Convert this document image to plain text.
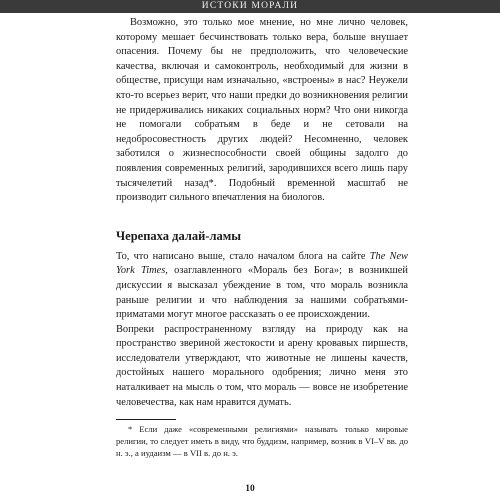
ИСТОКИ МОРАЛИ

Возможно, это только мое мнение, но мне лично человек, которому мешает бесчинствовать только вера, больше внушает опасения. Почему бы не предположить, что человеческие качества, включая и самоконтроль, необходимый для жизни в обществе, присущи нам изначально, «встроены» в нас? Неужели кто-то всерьез верит, что наши предки до возникновения религии не придерживались никаких социальных норм? Что они никогда не помогали собратьям в беде и не сетовали на недобросовестность других людей? Несомненно, человек заботился о жизнеспособности своей общины задолго до появления современных религий, зародившихся всего лишь пару тысячелетий назад*. Подобный временной масштаб не производит сильного впечатления на биологов.

Черепаха далай-ламы

То, что написано выше, стало началом блога на сайте The New York Times, озаглавленного «Мораль без Бога»; в возникшей дискуссии я высказал убеждение в том, что мораль возникла раньше религии и что наблюдения за нашими собратьями-приматами могут многое рассказать о ее происхождении.

Вопреки распространенному взгляду на природу как на пространство звериной жестокости и арену кровавых пиршеств, исследователи утверждают, что животные не лишены качеств, достойных нашего морального одобрения; лично меня это наталкивает на мысль о том, что мораль — вовсе не изобретение человечества, как нам нравится думать.

* Если даже «современными религиями» называть только мировые религии, то следует иметь в виду, что буддизм, например, возник в VI–V вв. до н. э., а иудаизм — в VII в. до н. э.

10
